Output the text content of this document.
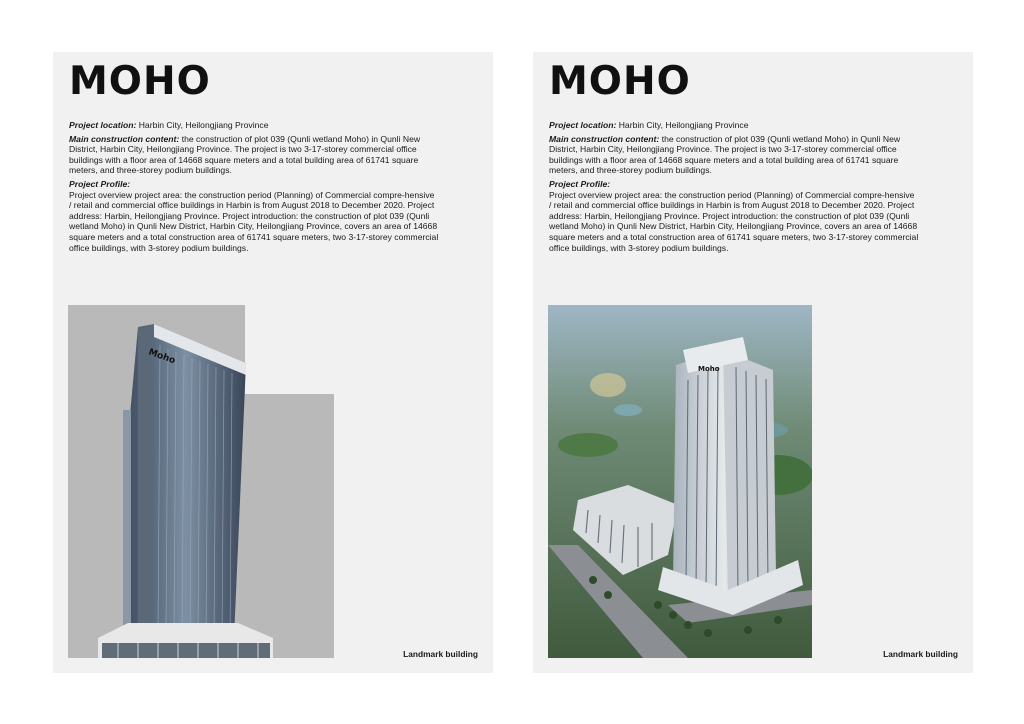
MOHO

Project location: Harbin City, Heilongjiang Province

Main construction content: the construction of plot 039 (Qunli wetland Moho) in Qunli New District, Harbin City, Heilongjiang Province. The project is two 3-17-storey commercial office buildings with a floor area of 14668 square meters and a total building area of 61741 square meters, and three-storey podium buildings.

Project Profile:
Project overview project area: the construction period (Planning) of Commercial compre-hensive / retail and commercial office buildings in Harbin is from August 2018 to December 2020. Project address: Harbin, Heilongjiang Province. Project introduction: the construction of plot 039 (Qunli wetland Moho) in Qunli New District, Harbin City, Heilongjiang Province, covers an area of 14668 square meters and a total construction area of 61741 square meters, two 3-17-storey commercial office buildings, with 3-storey podium buildings.

Moho
Landmark building
MOHO

Project location: Harbin City, Heilongjiang Province

Main construction content: the construction of plot 039 (Qunli wetland Moho) in Qunli New District, Harbin City, Heilongjiang Province. The project is two 3-17-storey commercial office buildings with a floor area of 14668 square meters and a total building area of 61741 square meters, and three-storey podium buildings.

Project Profile:
Project overview project area: the construction period (Planning) of Commercial compre-hensive / retail and commercial office buildings in Harbin is from August 2018 to December 2020. Project address: Harbin, Heilongjiang Province. Project introduction: the construction of plot 039 (Qunli wetland Moho) in Qunli New District, Harbin City, Heilongjiang Province, covers an area of 14668 square meters and a total construction area of 61741 square meters, two 3-17-storey commercial office buildings, with 3-storey podium buildings.

Moho
Landmark building
